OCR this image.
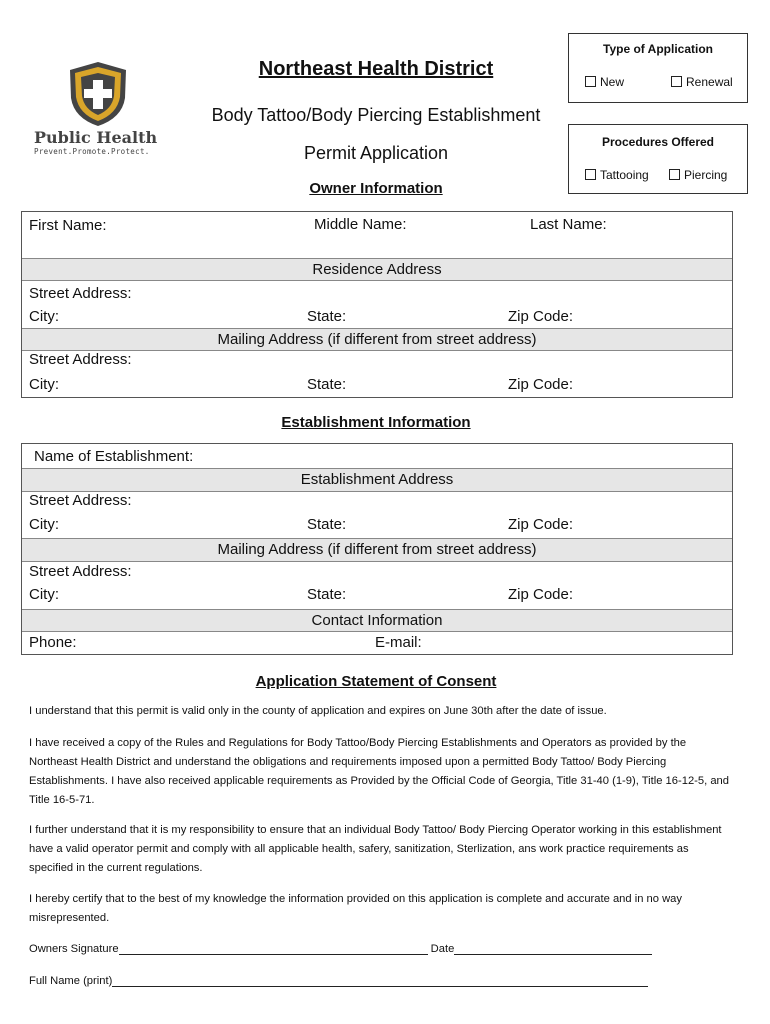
Public Health
Prevent.Promote.Protect.
Northeast Health District
Body Tattoo/Body Piercing Establishment
Permit Application
Owner Information
Type of Application
New	Renewal
Procedures Offered
Tattooing	Piercing
First Name:	Middle Name:	Last Name:
Residence Address
Street Address:
City:	State:	Zip Code:
Mailing Address (if different from street address)
Street Address:
City:	State:	Zip Code:
Establishment Information
Name of Establishment:
Establishment Address
Street Address:
City:	State:	Zip Code:
Mailing Address (if different from street address)
Street Address:
City:	State:	Zip Code:
Contact Information
Phone:	E-mail:
Application Statement of Consent
I understand that this permit is valid only in the county of application and expires on June 30th after the date of issue.
I have received a copy of the Rules and Regulations for Body Tattoo/Body Piercing Establishments and Operators as provided by the Northeast Health District and understand the obligations and requirements imposed upon a permitted Body Tattoo/ Body Piercing Establishments. I have also received applicable requirements as Provided by the Official Code of Georgia, Title 31-40 (1-9), Title 16-12-5, and Title 16-5-71.
I further understand that it is my responsibility to ensure that an individual Body Tattoo/ Body Piercing Operator working in this establishment have a valid operator permit and comply with all applicable health, safery, sanitization, Sterlization, ans work practice requirements as specified in the current regulations.
I hereby certify that to the best of my knowledge the information provided on this application is complete and accurate and in no way misrepresented.
Owners Signature	Date
Full Name (print)
